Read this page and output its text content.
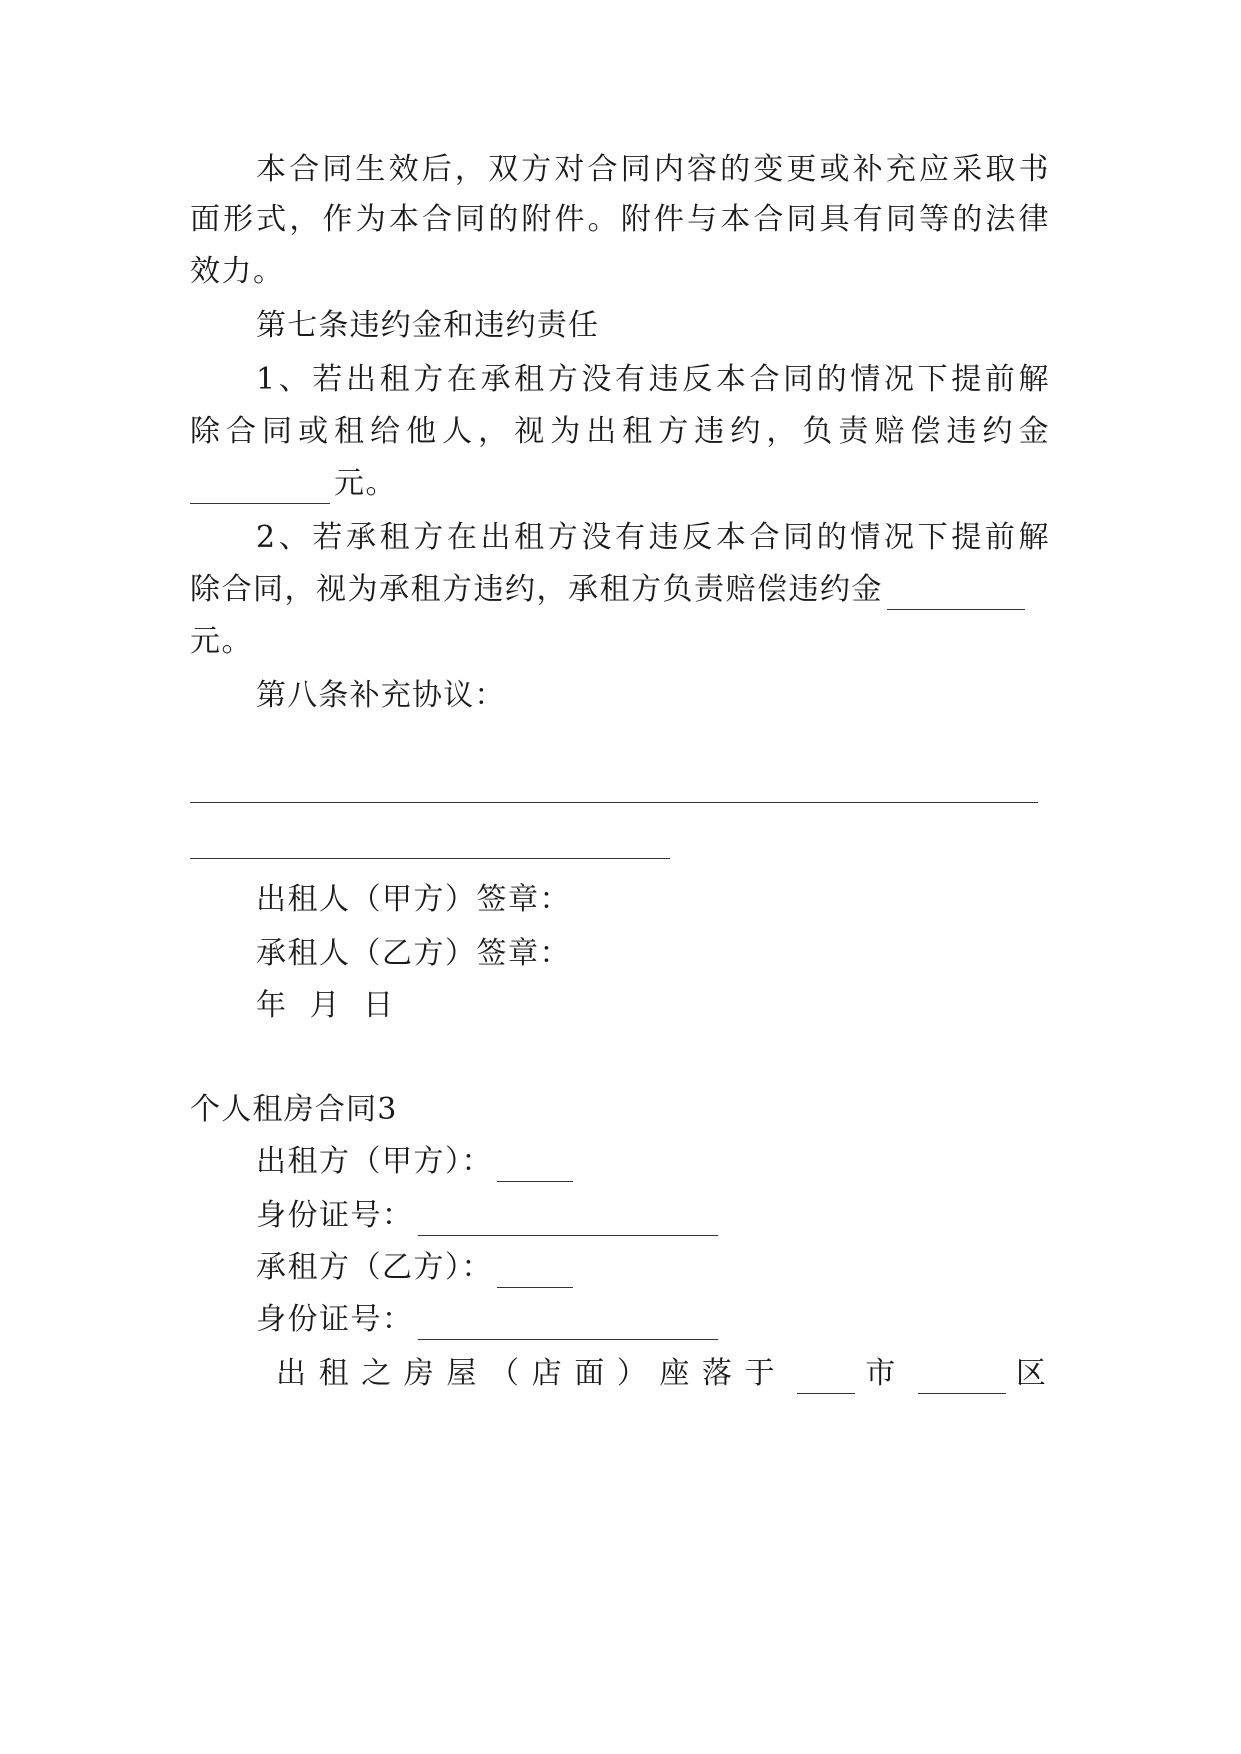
本合同生效后，双方对合同内容的变更或补充应采取书
面形式，作为本合同的附件。附件与本合同具有同等的法律
效力。
第七条违约金和违约责任
1、若出租方在承租方没有违反本合同的情况下提前解
除合同或租给他人，视为出租方违约，负责赔偿违约金
元。
2、若承租方在出租方没有违反本合同的情况下提前解
除合同，视为承租方违约，承租方负责赔偿违约金
元。
第八条补充协议：
出租人（甲方）签章：
承租人（乙方）签章：
年  月  日
个人租房合同3
出租方（甲方）：
身份证号：
承租方（乙方）：
身份证号：
出租之房屋（店面）座落于	市	区
